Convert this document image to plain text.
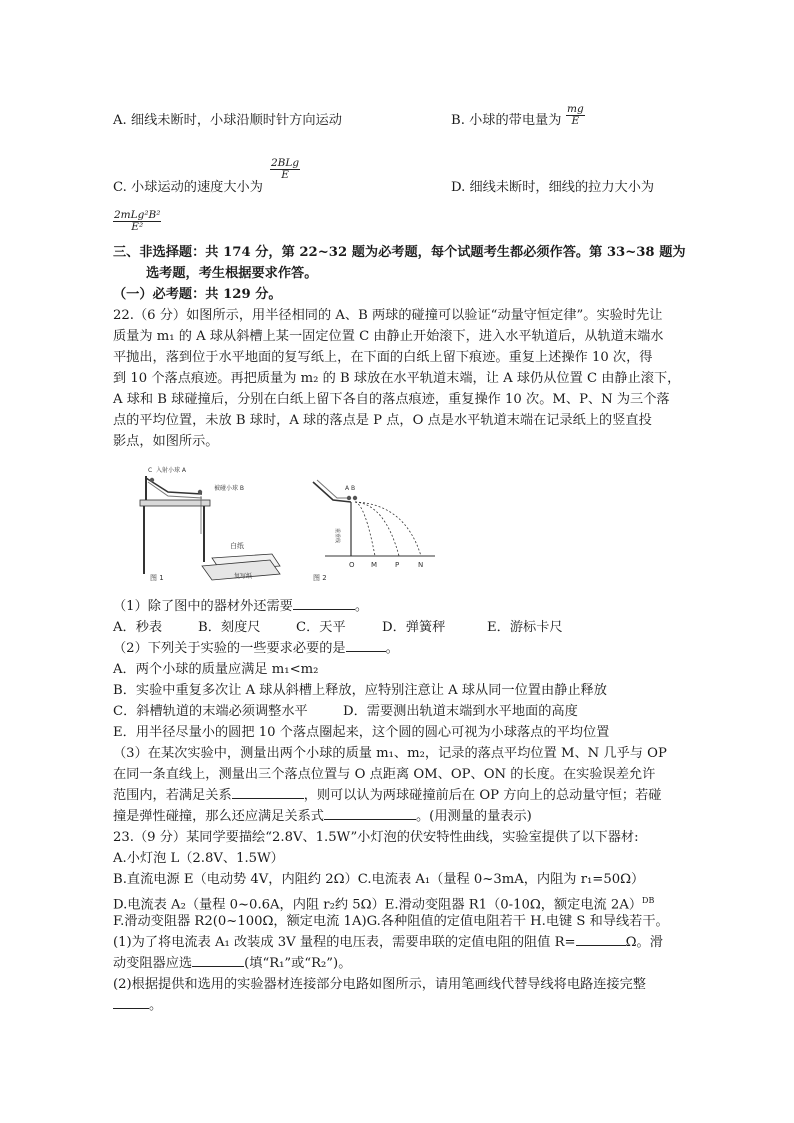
A. 细线未断时，小球沿顺时针方向运动	B. 小球的带电量为 $\frac{mg}{E}$
2BLg
E
C. 小球运动的速度大小为	D. 细线未断时，细线的拉力大小为
2mLg²B²
E²
三、非选择题：共 174 分，第 22~32 题为必考题，每个试题考生都必须作答。第 33~38 题为
选考题，考生根据要求作答。
（一）必考题：共 129 分。
22.（6 分）如图所示，用半径相同的 A、B 两球的碰撞可以验证“动量守恒定律”。实验时先让
质量为 m₁ 的 A 球从斜槽上某一固定位置 C 由静止开始滚下，进入水平轨道后，从轨道末端水
平抛出，落到位于水平地面的复写纸上，在下面的白纸上留下痕迹。重复上述操作 10 次，得
到 10 个落点痕迹。再把质量为 m₂ 的 B 球放在水平轨道末端，让 A 球仍从位置 C 由静止滚下，
A 球和 B 球碰撞后，分别在白纸上留下各自的落点痕迹，重复操作 10 次。M、P、N 为三个落
点的平均位置，未放 B 球时，A 球的落点是 P 点，O 点是水平轨道末端在记录纸上的竖直投
影点，如图所示。
C 入射小球 A
被碰小球 B
白纸
复写纸
图 1
A B
重垂线
O M	P	N
图 2
（1）除了图中的器材外还需要	。
A．秒表	B．刻度尺	C．天平	D．弹簧秤	E．游标卡尺
（2）下列关于实验的一些要求必要的是	。
A．两个小球的质量应满足 m₁<m₂
B．实验中重复多次让 A 球从斜槽上释放，应特别注意让 A 球从同一位置由静止释放
C．斜槽轨道的末端必须调整水平	D．需要测出轨道末端到水平地面的高度
E．用半径尽量小的圆把 10 个落点圈起来，这个圆的圆心可视为小球落点的平均位置
（3）在某次实验中，测量出两个小球的质量 m₁、m₂，记录的落点平均位置 M、N 几乎与 OP
在同一条直线上，测量出三个落点位置与 O 点距离 OM、OP、ON 的长度。在实验误差允许
范围内，若满足关系	，则可以认为两球碰撞前后在 OP 方向上的总动量守恒；若碰
撞是弹性碰撞，那么还应满足关系式	。(用测量的量表示)
23.（9 分）某同学要描绘“2.8V、1.5W”小灯泡的伏安特性曲线，实验室提供了以下器材:
A.小灯泡 L（2.8V、1.5W）
B.直流电源 E（电动势 4V，内阻约 2Ω）C.电流表 A₁（量程 0~3mA，内阻为 r₁=50Ω）
D.电流表 A₂（量程 0~0.6A，内阻 r₂约 5Ω）E.滑动变阻器 R1（0-10Ω，额定电流 2A）$^{DB}$
F.滑动变阻器 R2(0~100Ω，额定电流 1A)G.各种阻值的定值电阻若干 H.电键 S 和导线若干。
(1)为了将电流表 A₁ 改装成 3V 量程的电压表，需要串联的定值电阻的阻值 R=	Ω。滑
动变阻器应选	(填“R₁”或“R₂”)。
(2)根据提供和选用的实验器材连接部分电路如图所示，请用笔画线代替导线将电路连接完整
。
